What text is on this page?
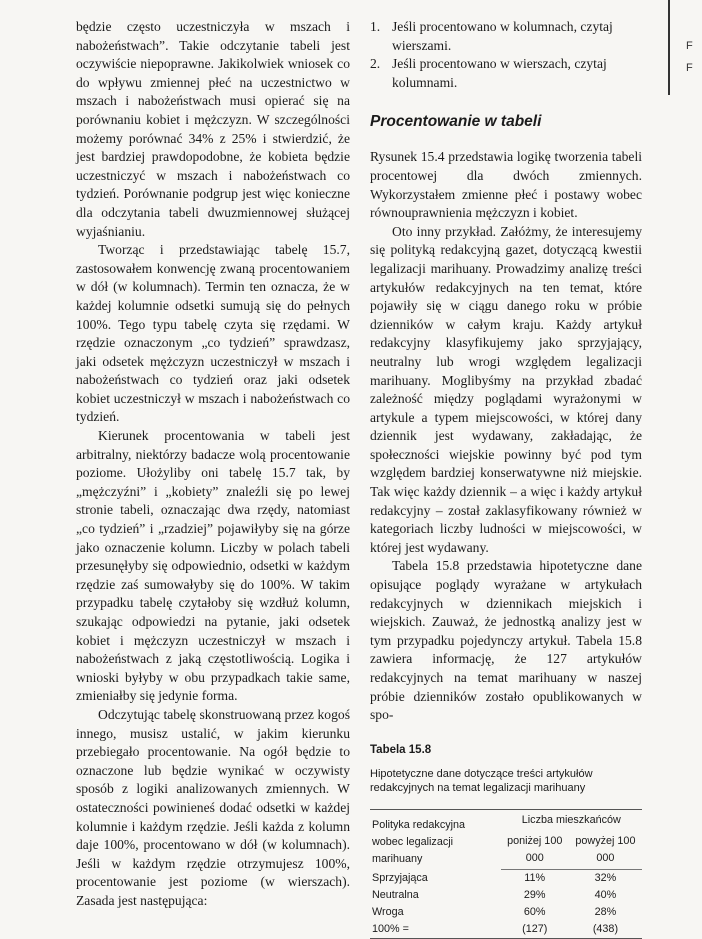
F
F

będzie często uczestniczyła w mszach i nabożeństwach”. Takie odczytanie tabeli jest oczywiście niepoprawne. Jakikolwiek wniosek co do wpływu zmiennej płeć na uczestnictwo w mszach i nabożeństwach musi opierać się na porównaniu kobiet i mężczyzn. W szczególności możemy porównać 34% z 25% i stwierdzić, że jest bardziej prawdopodobne, że kobieta będzie uczestniczyć w mszach i nabożeństwach co tydzień. Porównanie podgrup jest więc konieczne dla odczytania tabeli dwuzmiennowej służącej wyjaśnianiu.

Tworząc i przedstawiając tabelę 15.7, zastosowałem konwencję zwaną procentowaniem w dół (w kolumnach). Termin ten oznacza, że w każdej kolumnie odsetki sumują się do pełnych 100%. Tego typu tabelę czyta się rzędami. W rzędzie oznaczonym „co tydzień” sprawdzasz, jaki odsetek mężczyzn uczestniczył w mszach i nabożeństwach co tydzień oraz jaki odsetek kobiet uczestniczył w mszach i nabożeństwach co tydzień.

Kierunek procentowania w tabeli jest arbitralny, niektórzy badacze wolą procentowanie poziome. Ułożyliby oni tabelę 15.7 tak, by „mężczyźni” i „kobiety” znaleźli się po lewej stronie tabeli, oznaczając dwa rzędy, natomiast „co tydzień” i „rzadziej” pojawiłyby się na górze jako oznaczenie kolumn. Liczby w polach tabeli przesunęłyby się odpowiednio, odsetki w każdym rzędzie zaś sumowałyby się do 100%. W takim przypadku tabelę czytałoby się wzdłuż kolumn, szukając odpowiedzi na pytanie, jaki odsetek kobiet i mężczyzn uczestniczył w mszach i nabożeństwach z jaką częstotliwością. Logika i wnioski byłyby w obu przypadkach takie same, zmieniałby się jedynie forma.

Odczytując tabelę skonstruowaną przez kogoś innego, musisz ustalić, w jakim kierunku przebiegało procentowanie. Na ogół będzie to oznaczone lub będzie wynikać w oczywisty sposób z logiki analizowanych zmiennych. W ostateczności powinieneś dodać odsetki w każdej kolumnie i każdym rzędzie. Jeśli każda z kolumn daje 100%, procentowano w dół (w kolumnach). Jeśli w każdym rzędzie otrzymujesz 100%, procentowanie jest poziome (w wierszach). Zasada jest następująca:

1. Jeśli procentowano w kolumnach, czytaj wierszami.
2. Jeśli procentowano w wierszach, czytaj kolumnami.
Procentowanie w tabeli

Rysunek 15.4 przedstawia logikę tworzenia tabeli procentowej dla dwóch zmiennych. Wykorzystałem zmienne płeć i postawy wobec równouprawnienia mężczyzn i kobiet.

Oto inny przykład. Załóżmy, że interesujemy się polityką redakcyjną gazet, dotyczącą kwestii legalizacji marihuany. Prowadzimy analizę treści artykułów redakcyjnych na ten temat, które pojawiły się w ciągu danego roku w próbie dzienników w całym kraju. Każdy artykuł redakcyjny klasyfikujemy jako sprzyjający, neutralny lub wrogi względem legalizacji marihuany. Moglibyśmy na przykład zbadać zależność między poglądami wyrażonymi w artykule a typem miejscowości, w której dany dziennik jest wydawany, zakładając, że społeczności wiejskie powinny być pod tym względem bardziej konserwatywne niż miejskie. Tak więc każdy dziennik – a więc i każdy artykuł redakcyjny – został zaklasyfikowany również w kategoriach liczby ludności w miejscowości, w której jest wydawany.

Tabela 15.8 przedstawia hipotetyczne dane opisujące poglądy wyrażane w artykułach redakcyjnych w dziennikach miejskich i wiejskich. Zauważ, że jednostką analizy jest w tym przypadku pojedynczy artykuł. Tabela 15.8 zawiera informację, że 127 artykułów redakcyjnych na temat marihuany w naszej próbie dzienników zostało opublikowanych w spo-

Tabela 15.8
Hipotetyczne dane dotyczące treści artykułów redakcyjnych na temat legalizacji marihuany
Polityka redakcyjna wobec legalizacji marihuany	Liczba mieszkańców	
	poniżej 100 000	powyżej 100 000
Sprzyjająca	11%	32%
Neutralna	29%	40%
Wroga	60%	28%
100% =	(127)	(438)
